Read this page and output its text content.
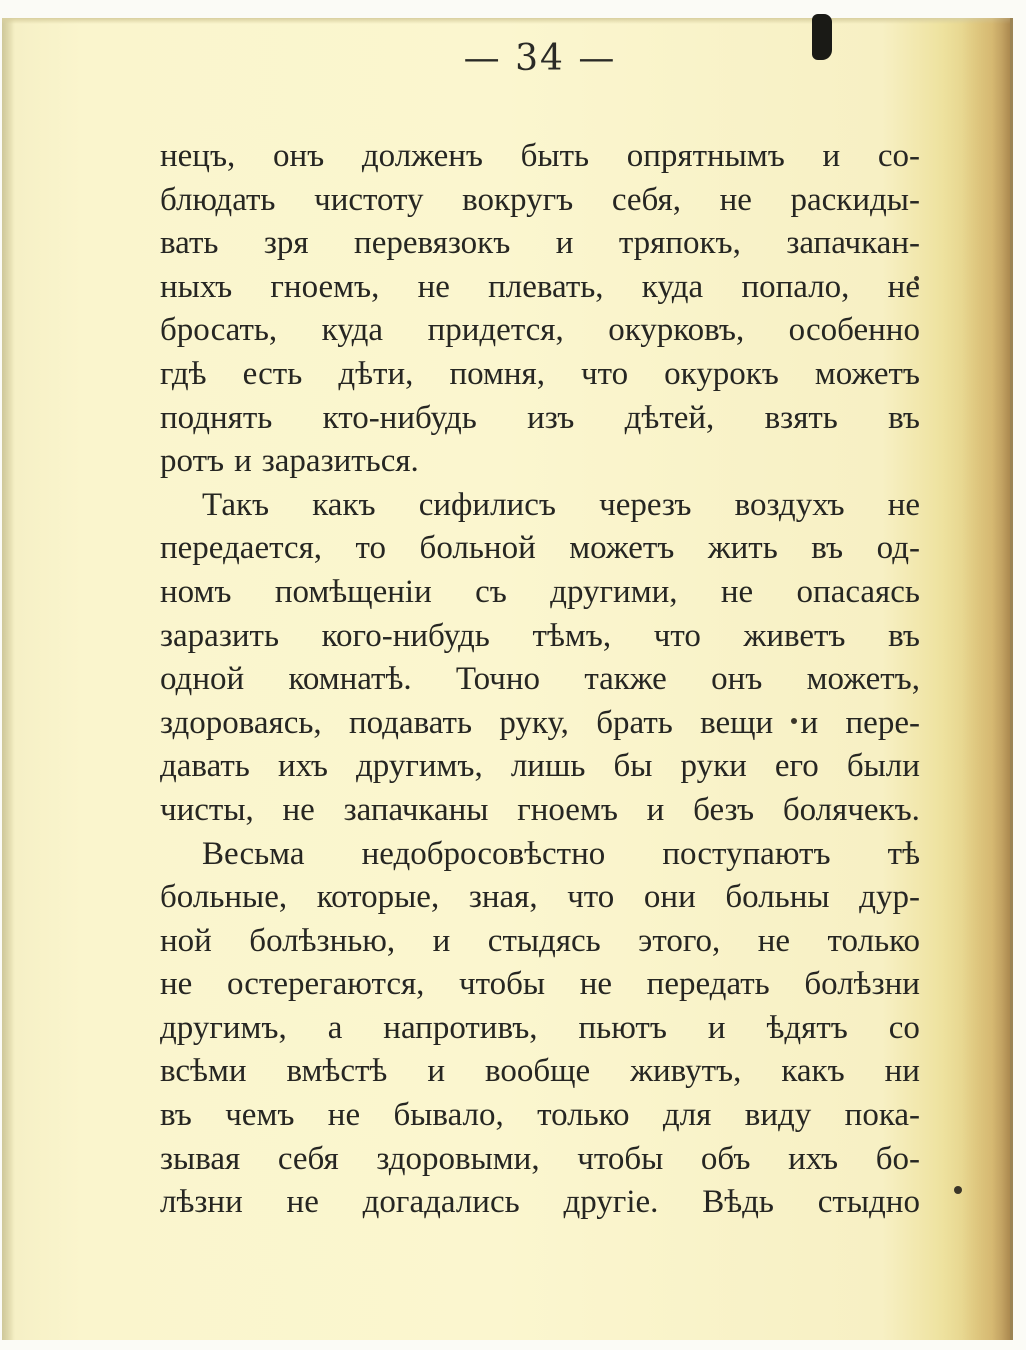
— 34 —
нецъ, онъ долженъ быть опрятнымъ и со-
блюдать чистоту вокругъ себя, не раскиды-
вать зря перевязокъ и тряпокъ, запачкан-
ныхъ гноемъ, не плевать, куда попало, не
бросать, куда придется, окурковъ, особенно
гдѣ есть дѣти, помня, что окурокъ можетъ
поднять кто-нибудь изъ дѣтей, взять въ
ротъ и заразиться.
Такъ какъ сифилисъ черезъ воздухъ не
передается, то больной можетъ жить въ од-
номъ помѣщенiи съ другими, не опасаясь
заразить кого-нибудь тѣмъ, что живетъ въ
одной комнатѣ. Точно также онъ можетъ,
здороваясь, подавать руку, брать вещи и пере-
давать ихъ другимъ, лишь бы руки его были
чисты, не запачканы гноемъ и безъ болячекъ.
Весьма недобросовѣстно поступаютъ тѣ
больные, которые, зная, что они больны дур-
ной болѣзнью, и стыдясь этого, не только
не остерегаются, чтобы не передать болѣзни
другимъ, а напротивъ, пьютъ и ѣдятъ со
всѣми вмѣстѣ и вообще живутъ, какъ ни
въ чемъ не бывало, только для виду пока-
зывая себя здоровыми, чтобы объ ихъ бо-
лѣзни не догадались другiе. Вѣдь стыдно
